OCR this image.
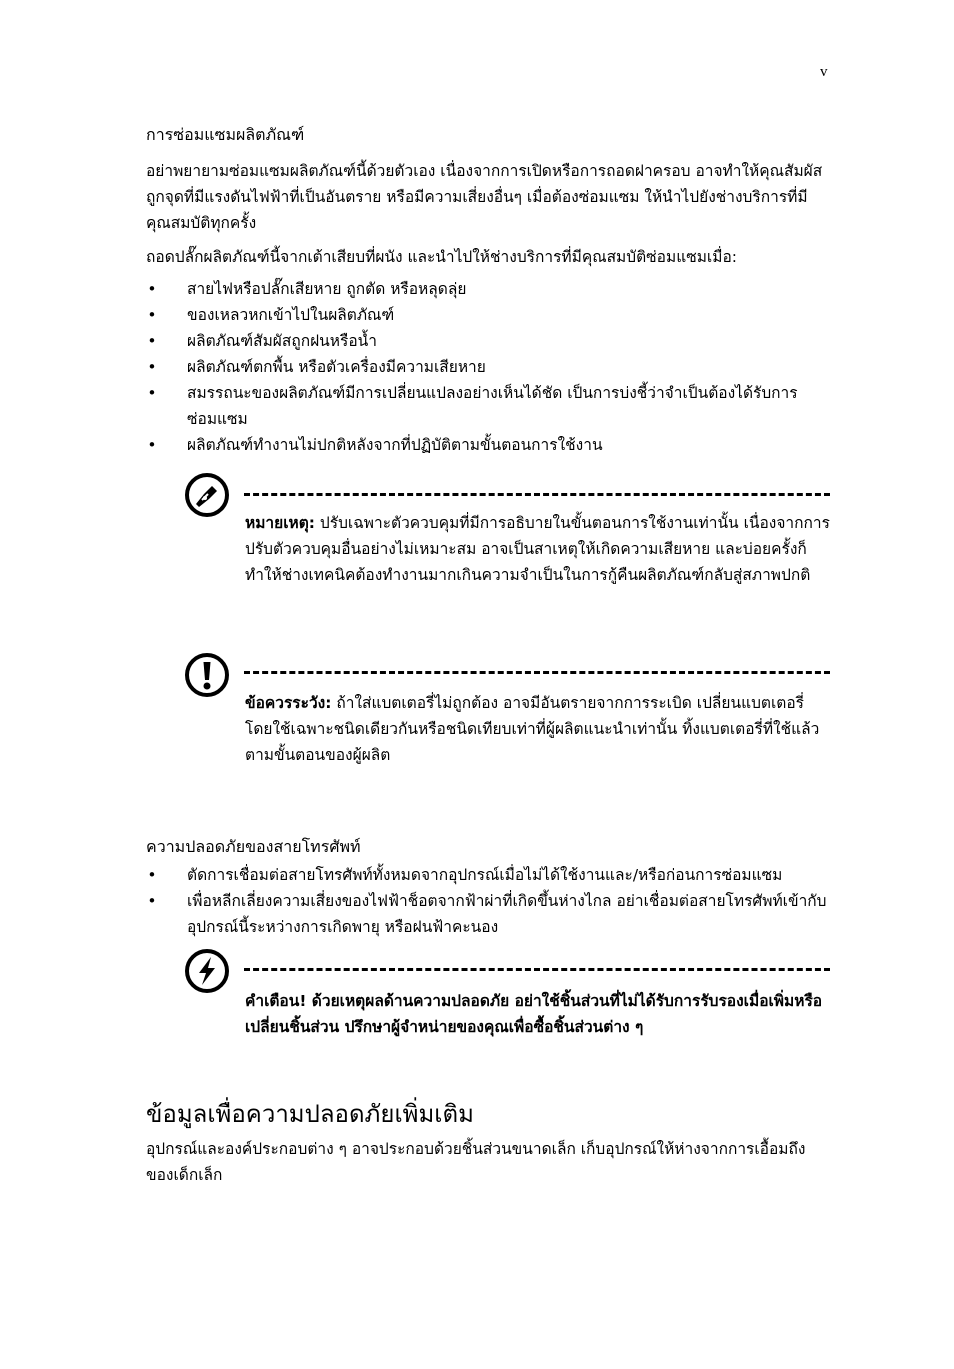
v

การซ่อมแซมผลิตภัณฑ์

อย่าพยายามซ่อมแซมผลิตภัณฑ์นี้ด้วยตัวเอง เนื่องจากการเปิดหรือการถอดฝาครอบ อาจทำให้คุณสัมผัสถูกจุดที่มีแรงดันไฟฟ้าที่เป็นอันตราย หรือมีความเสี่ยงอื่นๆ เมื่อต้องซ่อมแซม ให้นำไปยังช่างบริการที่มีคุณสมบัติทุกครั้ง

ถอดปลั๊กผลิตภัณฑ์นี้จากเต้าเสียบที่ผนัง และนำไปให้ช่างบริการที่มีคุณสมบัติซ่อมแซมเมื่อ:

• สายไฟหรือปลั๊กเสียหาย ถูกตัด หรือหลุดลุ่ย
• ของเหลวหกเข้าไปในผลิตภัณฑ์
• ผลิตภัณฑ์สัมผัสถูกฝนหรือน้ำ
• ผลิตภัณฑ์ตกพื้น หรือตัวเครื่องมีความเสียหาย
• สมรรถนะของผลิตภัณฑ์มีการเปลี่ยนแปลงอย่างเห็นได้ชัด เป็นการบ่งชี้ว่าจำเป็นต้องได้รับการซ่อมแซม
• ผลิตภัณฑ์ทำงานไม่ปกติหลังจากที่ปฏิบัติตามขั้นตอนการใช้งาน
หมายเหตุ: ปรับเฉพาะตัวควบคุมที่มีการอธิบายในขั้นตอนการใช้งานเท่านั้น เนื่องจากการปรับตัวควบคุมอื่นอย่างไม่เหมาะสม อาจเป็นสาเหตุให้เกิดความเสียหาย และบ่อยครั้งก็ทำให้ช่างเทคนิคต้องทำงานมากเกินความจำเป็นในการกู้คืนผลิตภัณฑ์กลับสู่สภาพปกติ
ข้อควรระวัง: ถ้าใส่แบตเตอรี่ไม่ถูกต้อง อาจมีอันตรายจากการระเบิด เปลี่ยนแบตเตอรี่โดยใช้เฉพาะชนิดเดียวกันหรือชนิดเทียบเท่าที่ผู้ผลิตแนะนำเท่านั้น ทิ้งแบตเตอรี่ที่ใช้แล้วตามขั้นตอนของผู้ผลิต

ความปลอดภัยของสายโทรศัพท์

• ตัดการเชื่อมต่อสายโทรศัพท์ทั้งหมดจากอุปกรณ์เมื่อไม่ได้ใช้งานและ/หรือก่อนการซ่อมแซม
• เพื่อหลีกเลี่ยงความเสี่ยงของไฟฟ้าช็อตจากฟ้าผ่าที่เกิดขึ้นห่างไกล อย่าเชื่อมต่อสายโทรศัพท์เข้ากับอุปกรณ์นี้ระหว่างการเกิดพายุ หรือฝนฟ้าคะนอง
คำเตือน! ด้วยเหตุผลด้านความปลอดภัย อย่าใช้ชิ้นส่วนที่ไม่ได้รับการรับรองเมื่อเพิ่มหรือเปลี่ยนชิ้นส่วน ปรึกษาผู้จำหน่ายของคุณเพื่อซื้อชิ้นส่วนต่าง ๆ

ข้อมูลเพื่อความปลอดภัยเพิ่มเติม

อุปกรณ์และองค์ประกอบต่าง ๆ อาจประกอบด้วยชิ้นส่วนขนาดเล็ก เก็บอุปกรณ์ให้ห่างจากการเอื้อมถึงของเด็กเล็ก
